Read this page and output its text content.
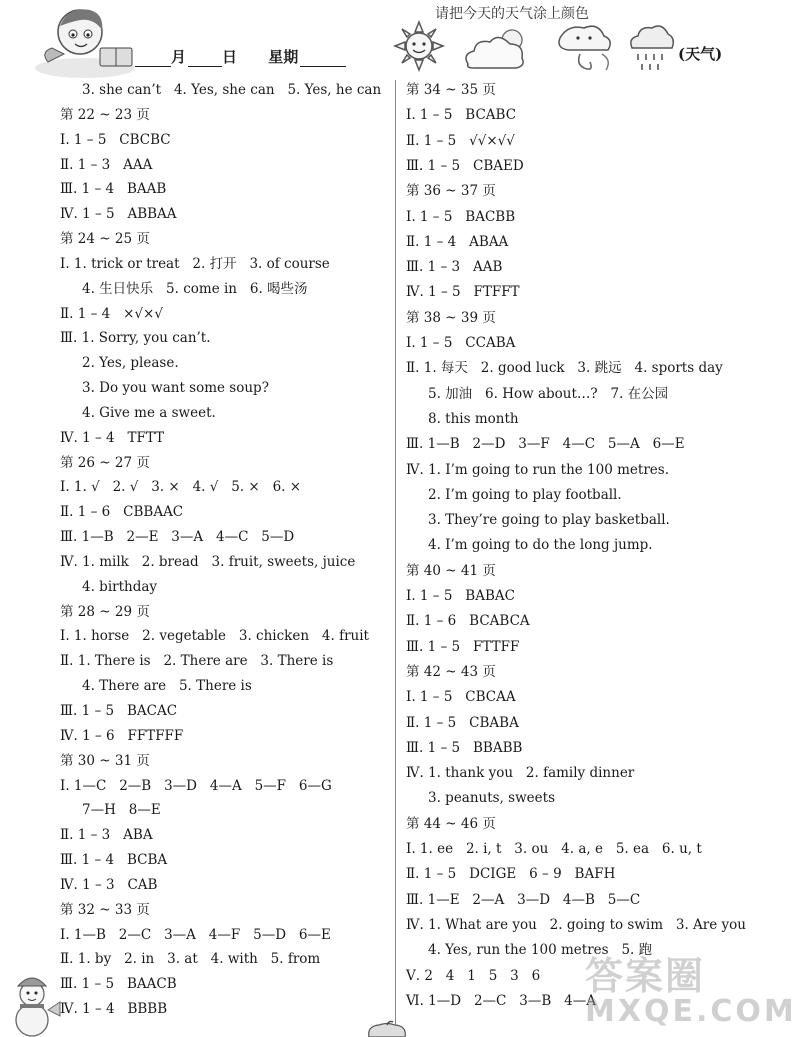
请把今天的天气涂上颜色
月 日 星期	(天气)
3. she can’t   4. Yes, she can   5. Yes, he can
第 22 ~ 23 页
Ⅰ. 1 – 5   CBCBC
Ⅱ. 1 – 3   AAA
Ⅲ. 1 – 4   BAAB
Ⅳ. 1 – 5   ABBAA
第 24 ~ 25 页
Ⅰ. 1. trick or treat   2. 打开   3. of course
4. 生日快乐   5. come in   6. 喝些汤
Ⅱ. 1 – 4   ×√×√
Ⅲ. 1. Sorry, you can’t.
2. Yes, please.
3. Do you want some soup?
4. Give me a sweet.
Ⅳ. 1 – 4   TFTT
第 26 ~ 27 页
Ⅰ. 1. √   2. √   3. ×   4. √   5. ×   6. ×
Ⅱ. 1 – 6   CBBAAC
Ⅲ. 1—B   2—E   3—A   4—C   5—D
Ⅳ. 1. milk   2. bread   3. fruit, sweets, juice
4. birthday
第 28 ~ 29 页
Ⅰ. 1. horse   2. vegetable   3. chicken   4. fruit
Ⅱ. 1. There is   2. There are   3. There is
4. There are   5. There is
Ⅲ. 1 – 5   BACAC
Ⅳ. 1 – 6   FFTFFF
第 30 ~ 31 页
Ⅰ. 1—C   2—B   3—D   4—A   5—F   6—G
7—H   8—E
Ⅱ. 1 – 3   ABA
Ⅲ. 1 – 4   BCBA
Ⅳ. 1 – 3   CAB
第 32 ~ 33 页
Ⅰ. 1—B   2—C   3—A   4—F   5—D   6—E
Ⅱ. 1. by   2. in   3. at   4. with   5. from
Ⅲ. 1 – 5   BAACB
Ⅳ. 1 – 4   BBBB
第 34 ~ 35 页
Ⅰ. 1 – 5   BCABC
Ⅱ. 1 – 5   √√×√√
Ⅲ. 1 – 5   CBAED
第 36 ~ 37 页
Ⅰ. 1 – 5   BACBB
Ⅱ. 1 – 4   ABAA
Ⅲ. 1 – 3   AAB
Ⅳ. 1 – 5   FTFFT
第 38 ~ 39 页
Ⅰ. 1 – 5   CCABA
Ⅱ. 1. 每天   2. good luck   3. 跳远   4. sports day
5. 加油   6. How about…?   7. 在公园
8. this month
Ⅲ. 1—B   2—D   3—F   4—C   5—A   6—E
Ⅳ. 1. I’m going to run the 100 metres.
2. I’m going to play football.
3. They’re going to play basketball.
4. I’m going to do the long jump.
第 40 ~ 41 页
Ⅰ. 1 – 5   BABAC
Ⅱ. 1 – 6   BCABCA
Ⅲ. 1 – 5   FTTFF
第 42 ~ 43 页
Ⅰ. 1 – 5   CBCAA
Ⅱ. 1 – 5   CBABA
Ⅲ. 1 – 5   BBABB
Ⅳ. 1. thank you   2. family dinner
3. peanuts, sweets
第 44 ~ 46 页
Ⅰ. 1. ee   2. i, t   3. ou   4. a, e   5. ea   6. u, t
Ⅱ. 1 – 5   DCIGE   6 – 9   BAFH
Ⅲ. 1—E   2—A   3—D   4—B   5—C
Ⅳ. 1. What are you   2. going to swim   3. Are you
4. Yes, run the 100 metres   5. 跑
Ⅴ. 2   4   1   5   3   6
Ⅵ. 1—D   2—C   3—B   4—A
答案圈
MXQE.COM
